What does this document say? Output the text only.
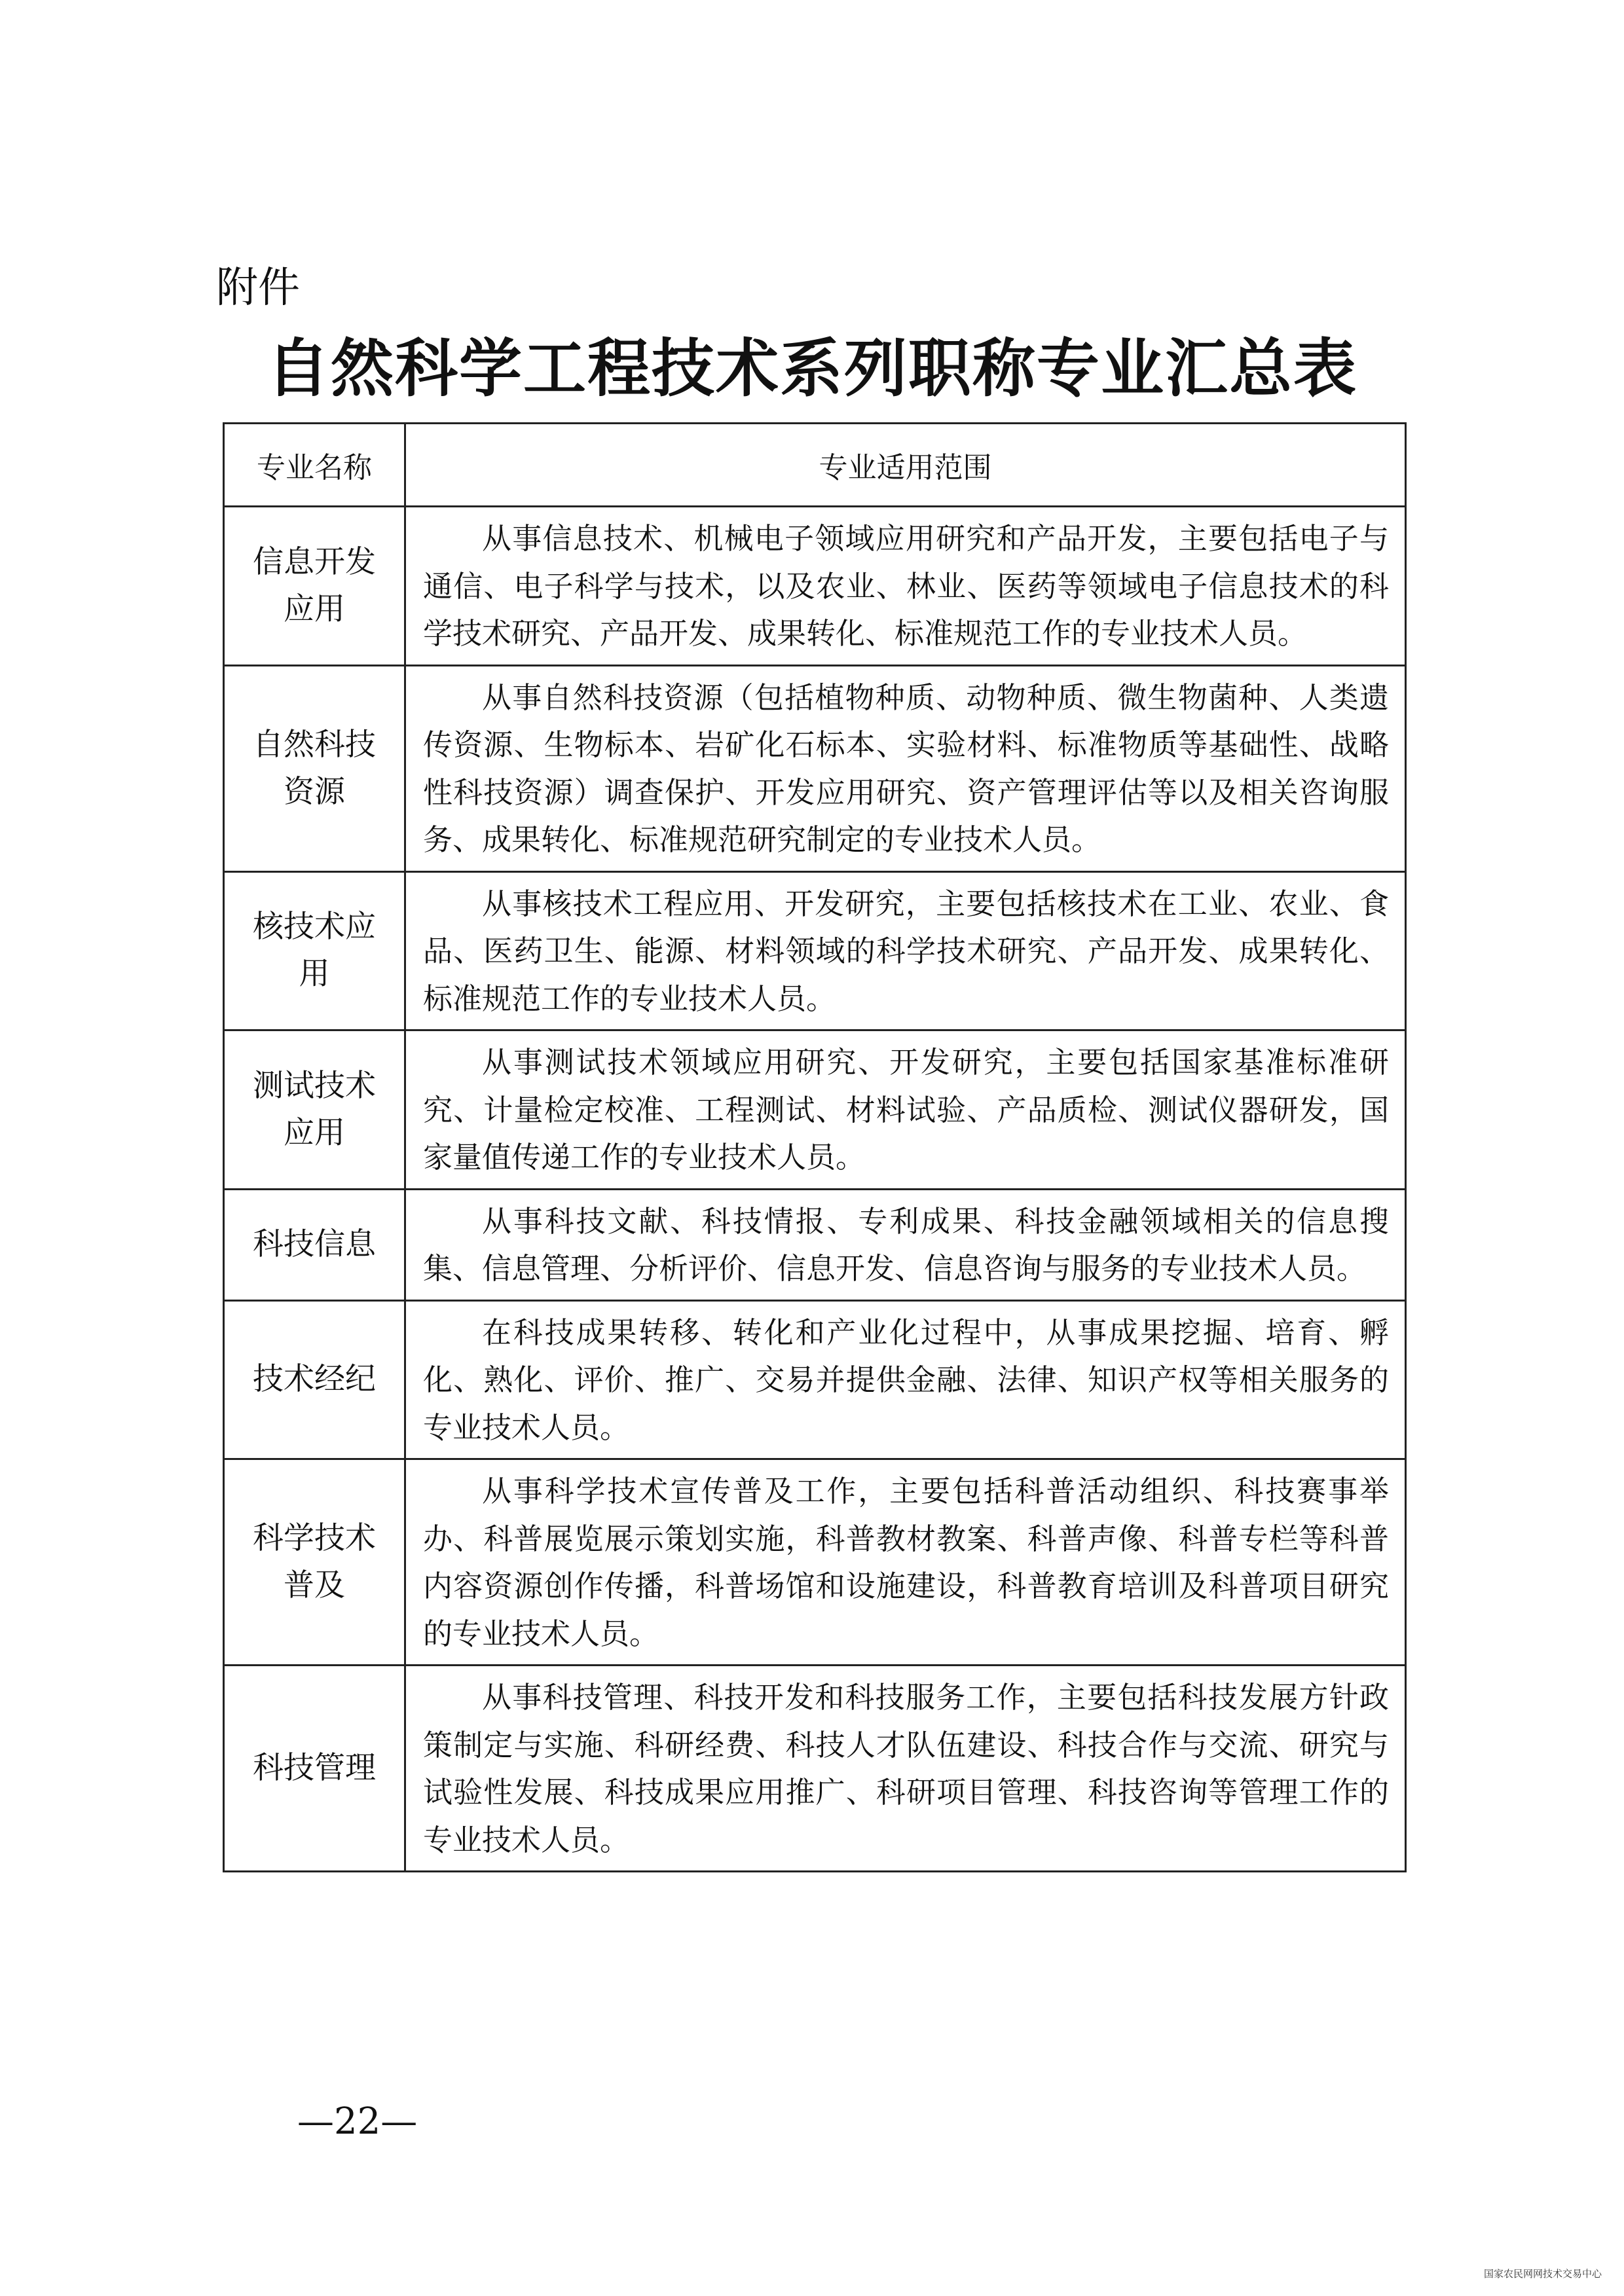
附件
自然科学工程技术系列职称专业汇总表
专业名称	专业适用范围

信息开发
应用	从事信息技术、机械电子领域应用研究和产品开发，主要包括电子与通信、电子科学与技术，以及农业、林业、医药等领域电子信息技术的科学技术研究、产品开发、成果转化、标准规范工作的专业技术人员。

自然科技
资源	从事自然科技资源（包括植物种质、动物种质、微生物菌种、人类遗传资源、生物标本、岩矿化石标本、实验材料、标准物质等基础性、战略性科技资源）调查保护、开发应用研究、资产管理评估等以及相关咨询服务、成果转化、标准规范研究制定的专业技术人员。

核技术应
用	从事核技术工程应用、开发研究，主要包括核技术在工业、农业、食品、医药卫生、能源、材料领域的科学技术研究、产品开发、成果转化、标准规范工作的专业技术人员。

测试技术
应用	从事测试技术领域应用研究、开发研究，主要包括国家基准标准研究、计量检定校准、工程测试、材料试验、产品质检、测试仪器研发，国家量值传递工作的专业技术人员。

科技信息	从事科技文献、科技情报、专利成果、科技金融领域相关的信息搜集、信息管理、分析评价、信息开发、信息咨询与服务的专业技术人员。

技术经纪	在科技成果转移、转化和产业化过程中，从事成果挖掘、培育、孵化、熟化、评价、推广、交易并提供金融、法律、知识产权等相关服务的专业技术人员。

科学技术
普及	从事科学技术宣传普及工作，主要包括科普活动组织、科技赛事举办、科普展览展示策划实施，科普教材教案、科普声像、科普专栏等科普内容资源创作传播，科普场馆和设施建设，科普教育培训及科普项目研究的专业技术人员。

科技管理	从事科技管理、科技开发和科技服务工作，主要包括科技发展方针政策制定与实施、科研经费、科技人才队伍建设、科技合作与交流、研究与试验性发展、科技成果应用推广、科研项目管理、科技咨询等管理工作的专业技术人员。
—22—
国家农民网网技术交易中心
